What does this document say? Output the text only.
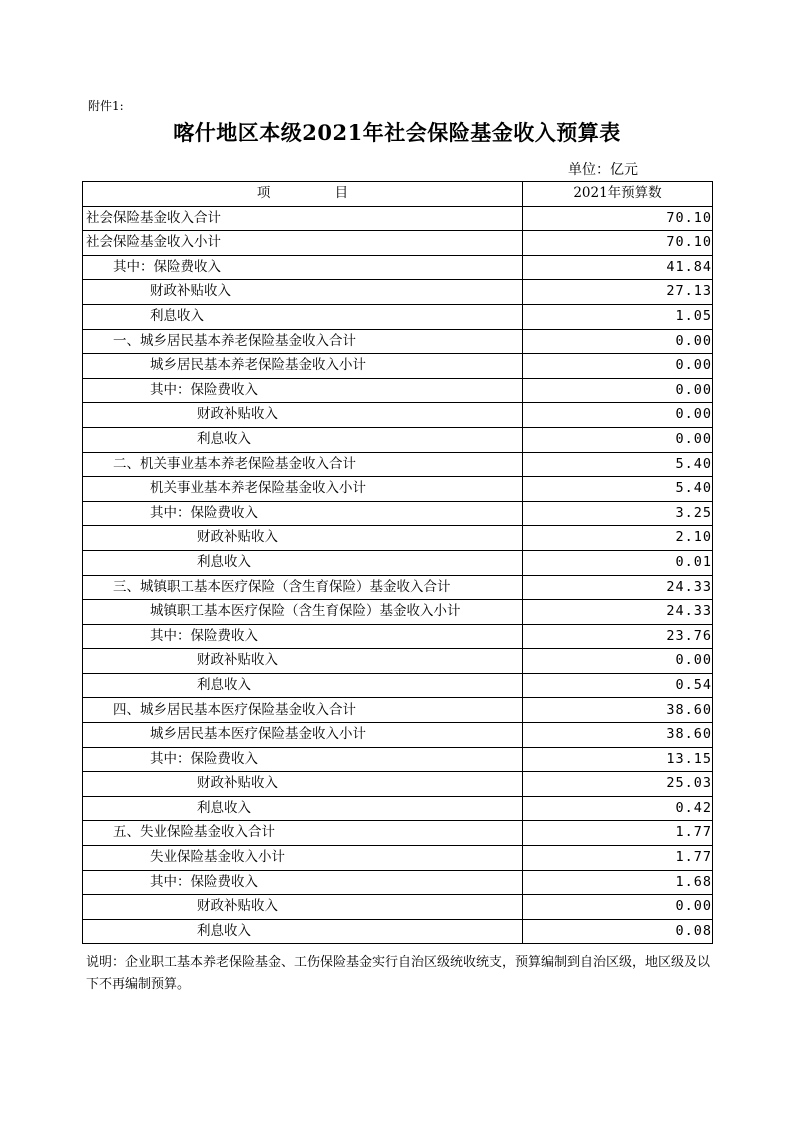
附件1:
喀什地区本级2021年社会保险基金收入预算表
单位：亿元
项 目	2021年预算数
社会保险基金收入合计	70.10
社会保险基金收入小计	70.10
其中：保险费收入	41.84
财政补贴收入	27.13
利息收入	1.05
一、城乡居民基本养老保险基金收入合计	0.00
城乡居民基本养老保险基金收入小计	0.00
其中：保险费收入	0.00
财政补贴收入	0.00
利息收入	0.00
二、机关事业基本养老保险基金收入合计	5.40
机关事业基本养老保险基金收入小计	5.40
其中：保险费收入	3.25
财政补贴收入	2.10
利息收入	0.01
三、城镇职工基本医疗保险（含生育保险）基金收入合计	24.33
城镇职工基本医疗保险（含生育保险）基金收入小计	24.33
其中：保险费收入	23.76
财政补贴收入	0.00
利息收入	0.54
四、城乡居民基本医疗保险基金收入合计	38.60
城乡居民基本医疗保险基金收入小计	38.60
其中：保险费收入	13.15
财政补贴收入	25.03
利息收入	0.42
五、失业保险基金收入合计	1.77
失业保险基金收入小计	1.77
其中：保险费收入	1.68
财政补贴收入	0.00
利息收入	0.08
说明：企业职工基本养老保险基金、工伤保险基金实行自治区级统收统支，预算编制到自治区级，地区级及以下不再编制预算。
